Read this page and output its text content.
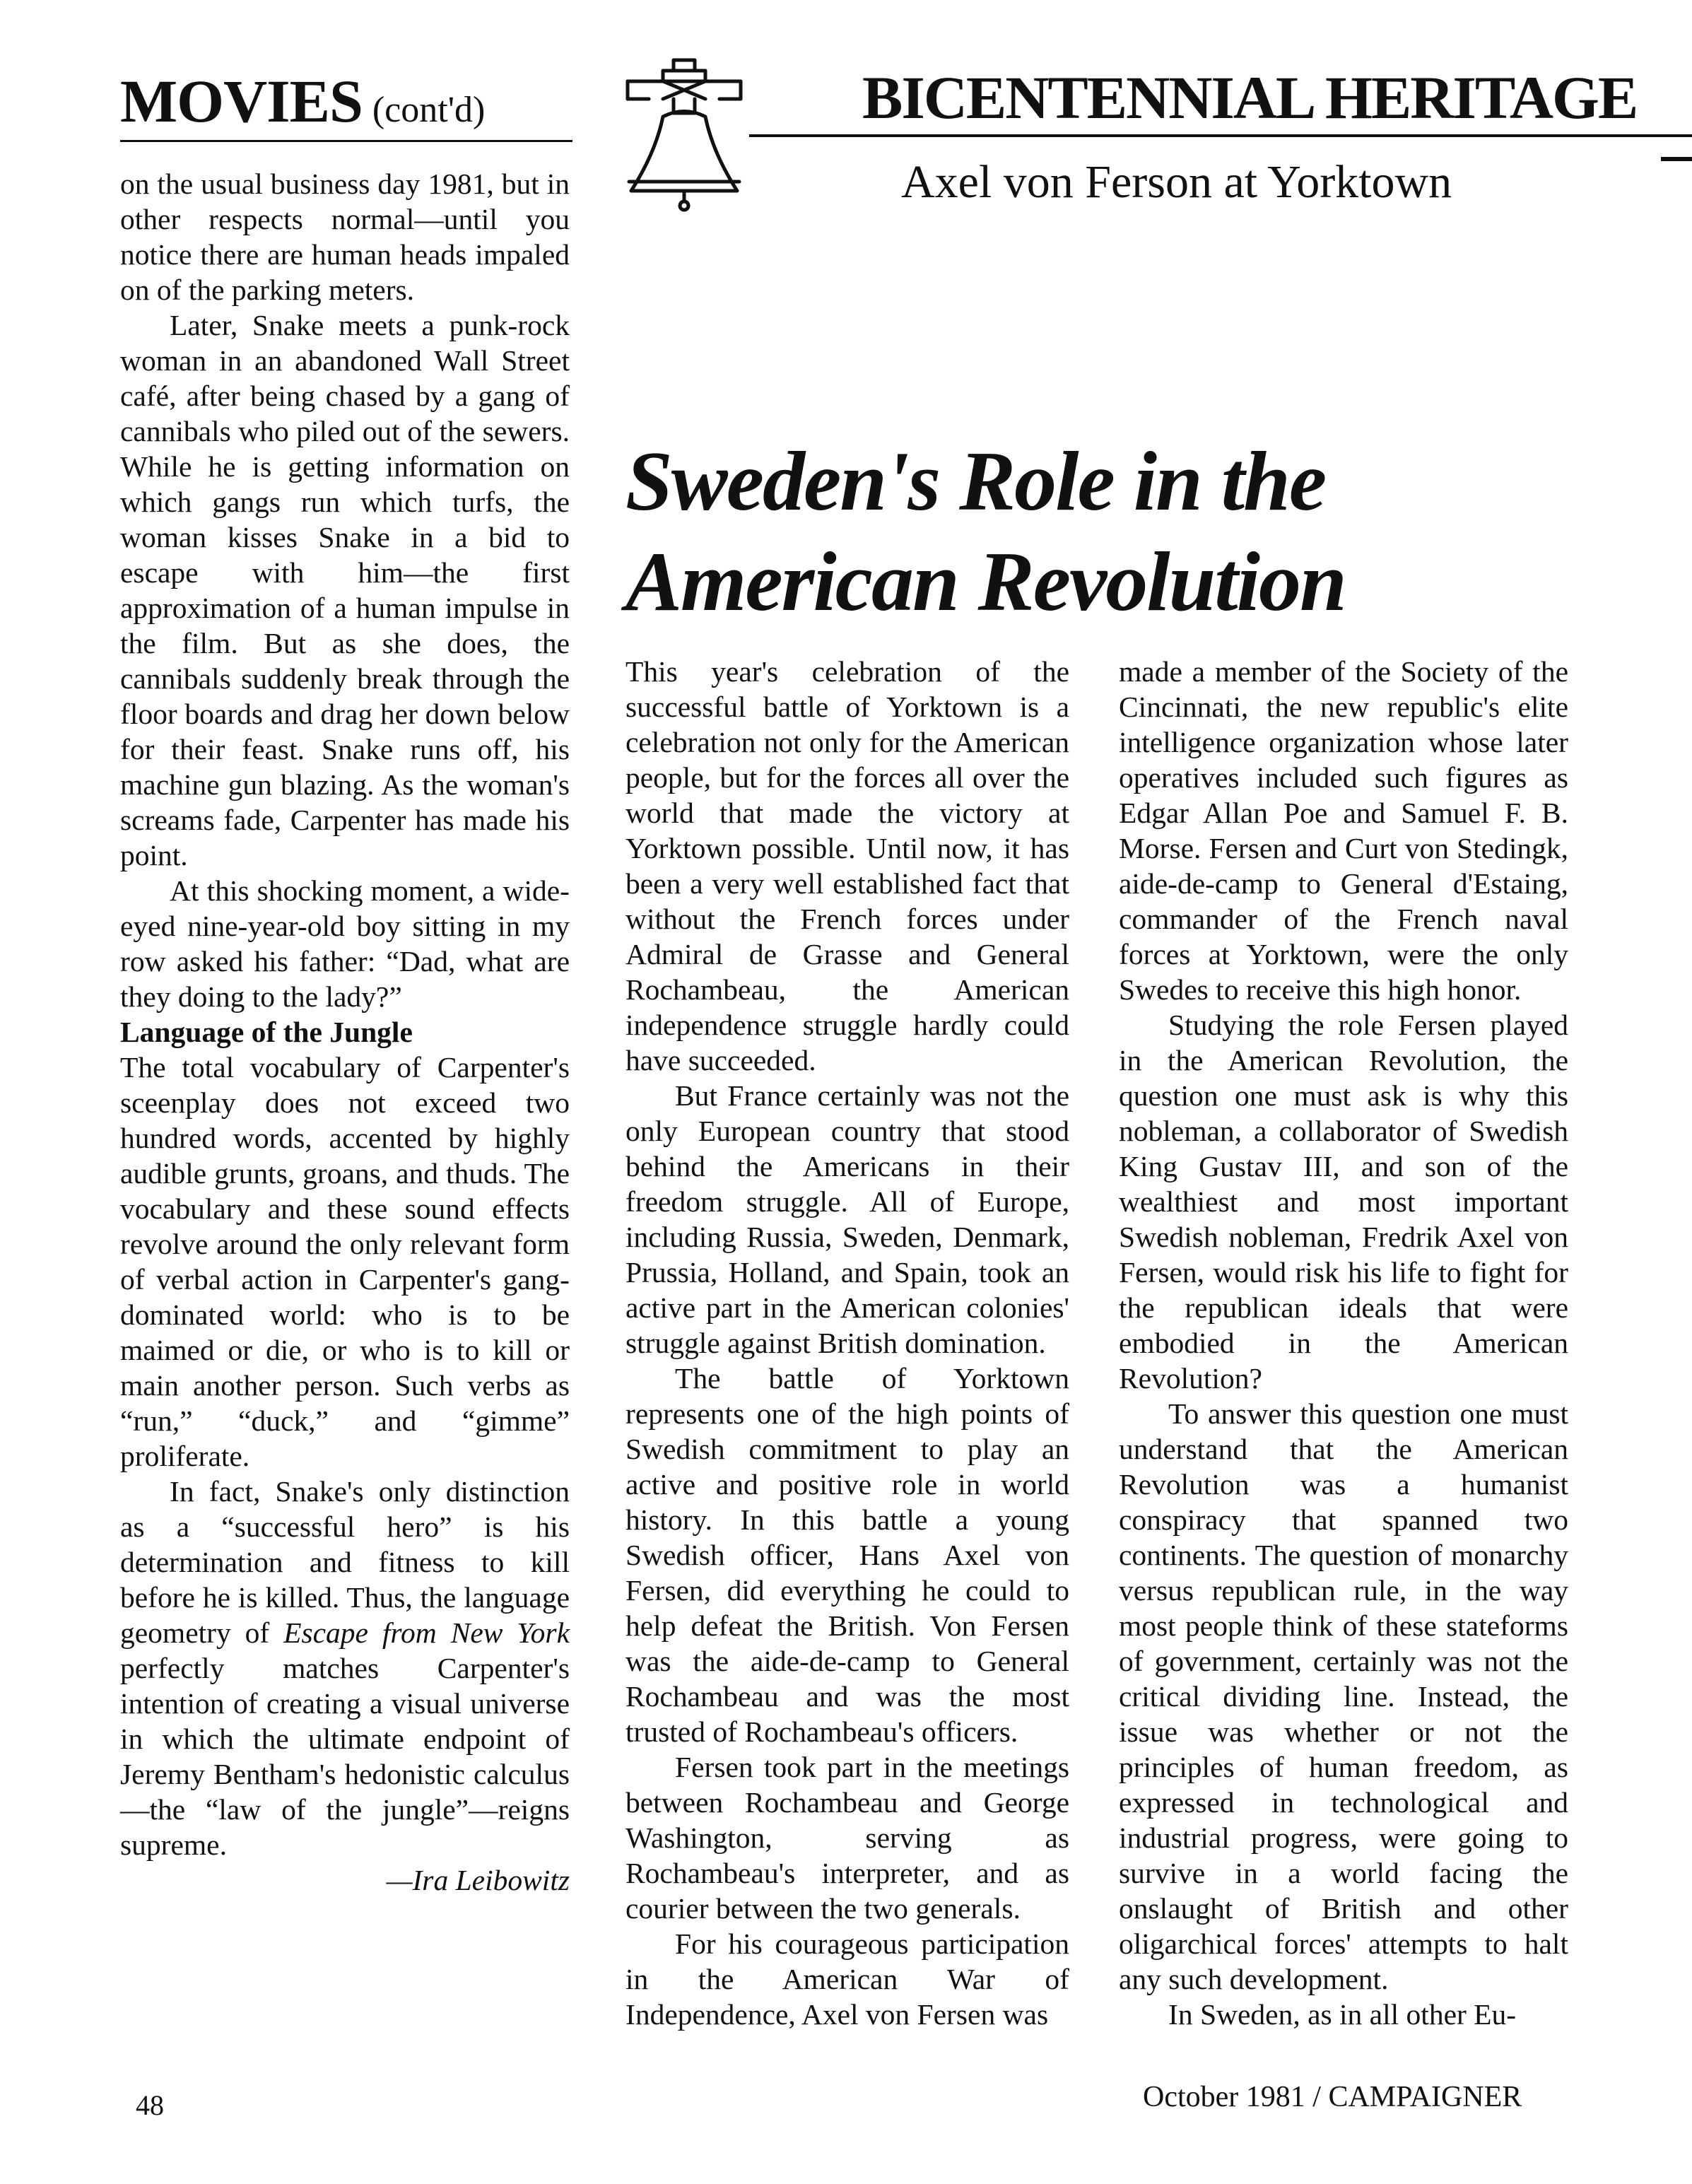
MOVIES (cont'd)	BICENTENNIAL HERITAGE
Axel von Ferson at Yorktown
Sweden's Role in the
American Revolution

on the usual business day 1981, but in other respects normal—until you notice there are human heads impaled on of the parking meters.

Later, Snake meets a punk-rock woman in an abandoned Wall Street café, after being chased by a gang of cannibals who piled out of the sewers. While he is getting information on which gangs run which turfs, the woman kisses Snake in a bid to escape with him—the first approximation of a human impulse in the film. But as she does, the cannibals suddenly break through the floor boards and drag her down below for their feast. Snake runs off, his machine gun blazing. As the woman's screams fade, Carpenter has made his point.

At this shocking moment, a wide-eyed nine-year-old boy sitting in my row asked his father: “Dad, what are they doing to the lady?”

Language of the Jungle

The total vocabulary of Carpenter's sceenplay does not exceed two hundred words, accented by highly audible grunts, groans, and thuds. The vocabulary and these sound effects revolve around the only relevant form of verbal action in Carpenter's gang-dominated world: who is to be maimed or die, or who is to kill or main another person. Such verbs as “run,” “duck,” and “gimme” proliferate.

In fact, Snake's only distinction as a “successful hero” is his determination and fitness to kill before he is killed. Thus, the language geometry of Escape from New York perfectly matches Carpenter's intention of creating a visual universe in which the ultimate endpoint of Jeremy Bentham's hedonistic calculus—the “law of the jungle”—reigns supreme.

—Ira Leibowitz

This year's celebration of the successful battle of Yorktown is a celebration not only for the American people, but for the forces all over the world that made the victory at Yorktown possible. Until now, it has been a very well established fact that without the French forces under Admiral de Grasse and General Rochambeau, the American independence struggle hardly could have succeeded.

But France certainly was not the only European country that stood behind the Americans in their freedom struggle. All of Europe, including Russia, Sweden, Denmark, Prussia, Holland, and Spain, took an active part in the American colonies' struggle against British domination.

The battle of Yorktown represents one of the high points of Swedish commitment to play an active and positive role in world history. In this battle a young Swedish officer, Hans Axel von Fersen, did everything he could to help defeat the British. Von Fersen was the aide-de-camp to General Rochambeau and was the most trusted of Rochambeau's officers.

Fersen took part in the meetings between Rochambeau and George Washington, serving as Rochambeau's interpreter, and as courier between the two generals.

For his courageous participation in the American War of Independence, Axel von Fersen was

made a member of the Society of the Cincinnati, the new republic's elite intelligence organization whose later operatives included such figures as Edgar Allan Poe and Samuel F. B. Morse. Fersen and Curt von Stedingk, aide-de-camp to General d'Estaing, commander of the French naval forces at Yorktown, were the only Swedes to receive this high honor.

Studying the role Fersen played in the American Revolution, the question one must ask is why this nobleman, a collaborator of Swedish King Gustav III, and son of the wealthiest and most important Swedish nobleman, Fredrik Axel von Fersen, would risk his life to fight for the republican ideals that were embodied in the American Revolution?

To answer this question one must understand that the American Revolution was a humanist conspiracy that spanned two continents. The question of monarchy versus republican rule, in the way most people think of these stateforms of government, certainly was not the critical dividing line. Instead, the issue was whether or not the principles of human freedom, as expressed in technological and industrial progress, were going to survive in a world facing the onslaught of British and other oligarchical forces' attempts to halt any such development.

In Sweden, as in all other Eu-

48	October 1981 / CAMPAIGNER
